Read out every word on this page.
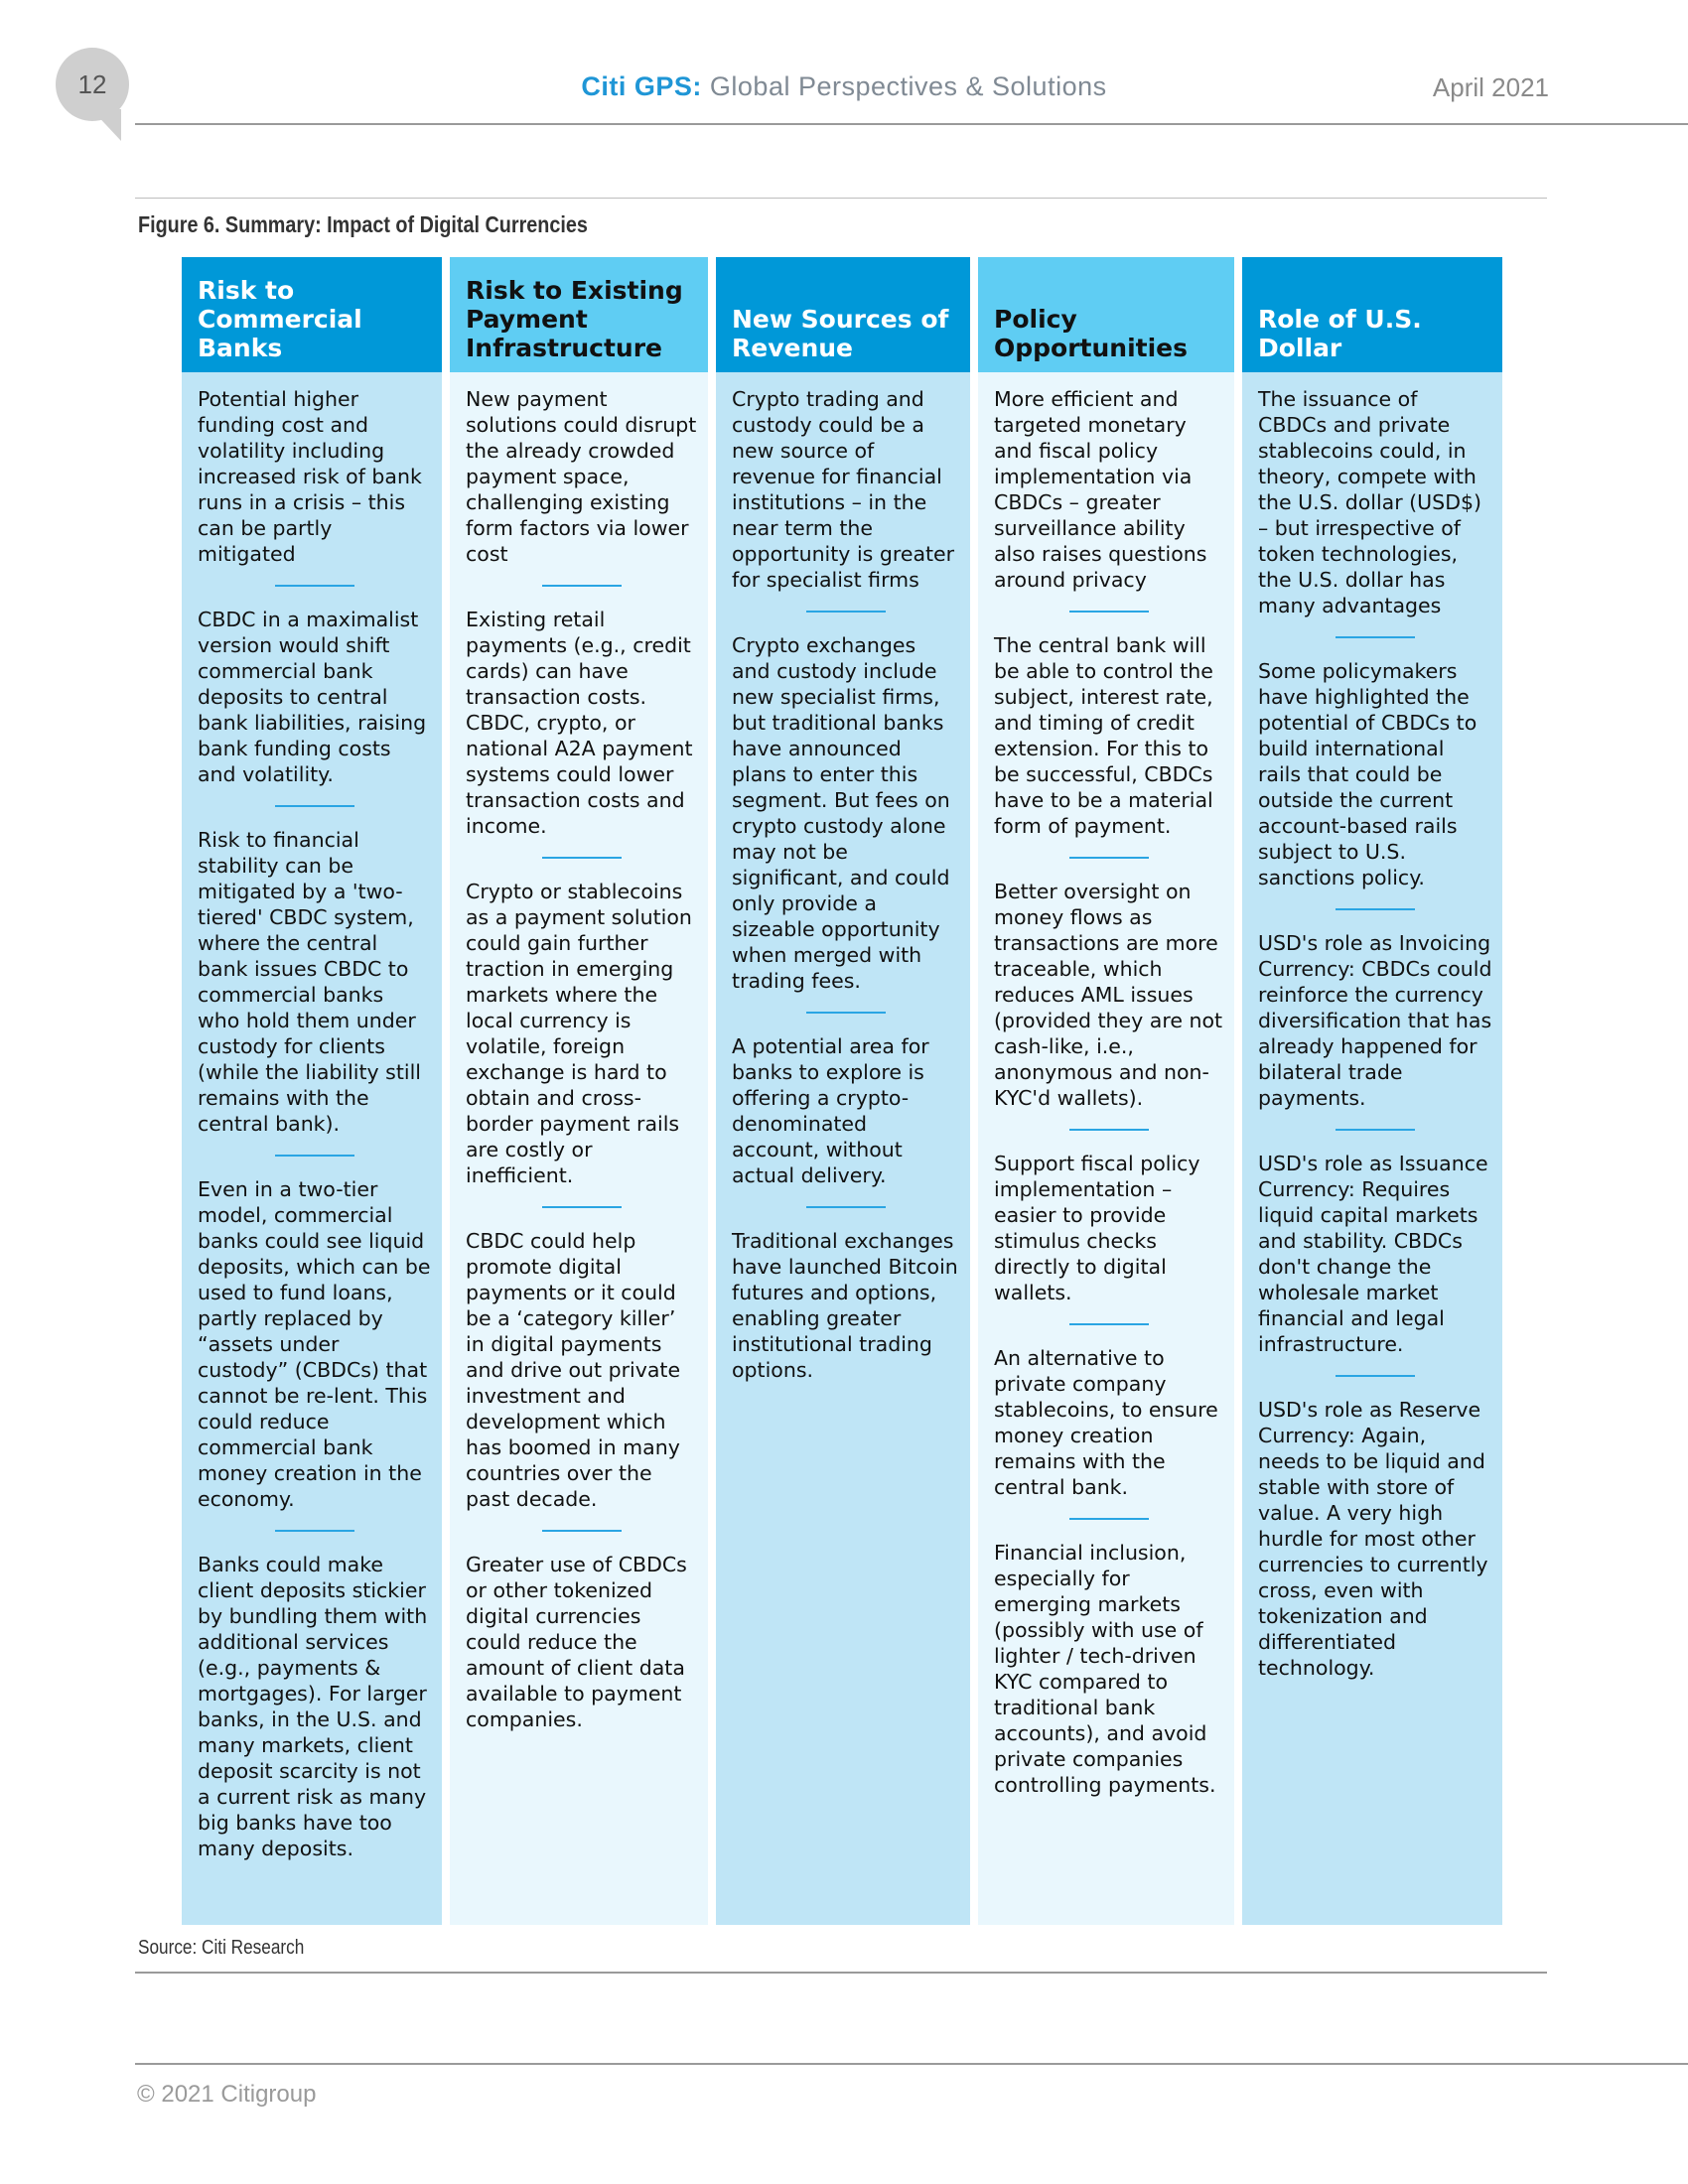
12	Citi GPS: Global Perspectives & Solutions	April 2021
Figure 6. Summary: Impact of Digital Currencies
Risk to Commercial Banks

Potential higher funding cost and volatility including increased risk of bank runs in a crisis – this can be partly mitigated

CBDC in a maximalist version would shift commercial bank deposits to central bank liabilities, raising bank funding costs and volatility.

Risk to financial stability can be mitigated by a 'two-tiered' CBDC system, where the central bank issues CBDC to commercial banks who hold them under custody for clients (while the liability still remains with the central bank).

Even in a two-tier model, commercial banks could see liquid deposits, which can be used to fund loans, partly replaced by “assets under custody” (CBDCs) that cannot be re-lent. This could reduce commercial bank money creation in the economy.

Banks could make client deposits stickier by bundling them with additional services (e.g., payments & mortgages). For larger banks, in the U.S. and many markets, client deposit scarcity is not a current risk as many big banks have too many deposits.

Risk to Existing Payment Infrastructure

New payment solutions could disrupt the already crowded payment space, challenging existing form factors via lower cost

Existing retail payments (e.g., credit cards) can have transaction costs. CBDC, crypto, or national A2A payment systems could lower transaction costs and income.

Crypto or stablecoins as a payment solution could gain further traction in emerging markets where the local currency is volatile, foreign exchange is hard to obtain and cross-border payment rails are costly or inefficient.

CBDC could help promote digital payments or it could be a ‘category killer’ in digital payments and drive out private investment and development which has boomed in many countries over the past decade.

Greater use of CBDCs or other tokenized digital currencies could reduce the amount of client data available to payment companies.

New Sources of Revenue

Crypto trading and custody could be a new source of revenue for financial institutions – in the near term the opportunity is greater for specialist firms

Crypto exchanges and custody include new specialist firms, but traditional banks have announced plans to enter this segment. But fees on crypto custody alone may not be significant, and could only provide a sizeable opportunity when merged with trading fees.

A potential area for banks to explore is offering a crypto-denominated account, without actual delivery.

Traditional exchanges have launched Bitcoin futures and options, enabling greater institutional trading options.

Policy Opportunities

More efficient and targeted monetary and fiscal policy implementation via CBDCs – greater surveillance ability also raises questions around privacy

The central bank will be able to control the subject, interest rate, and timing of credit extension. For this to be successful, CBDCs have to be a material form of payment.

Better oversight on money flows as transactions are more traceable, which reduces AML issues (provided they are not cash-like, i.e., anonymous and non-KYC'd wallets).

Support fiscal policy implementation – easier to provide stimulus checks directly to digital wallets.

An alternative to private company stablecoins, to ensure money creation remains with the central bank.

Financial inclusion, especially for emerging markets (possibly with use of lighter / tech-driven KYC compared to traditional bank accounts), and avoid private companies controlling payments.

Role of U.S. Dollar

The issuance of CBDCs and private stablecoins could, in theory, compete with the U.S. dollar (USD$) – but irrespective of token technologies, the U.S. dollar has many advantages

Some policymakers have highlighted the potential of CBDCs to build international rails that could be outside the current account-based rails subject to U.S. sanctions policy.

USD's role as Invoicing Currency: CBDCs could reinforce the currency diversification that has already happened for bilateral trade payments.

USD's role as Issuance Currency: Requires liquid capital markets and stability. CBDCs don't change the wholesale market financial and legal infrastructure.

USD's role as Reserve Currency: Again, needs to be liquid and stable with store of value. A very high hurdle for most other currencies to currently cross, even with tokenization and differentiated technology.

Source: Citi Research
© 2021 Citigroup
